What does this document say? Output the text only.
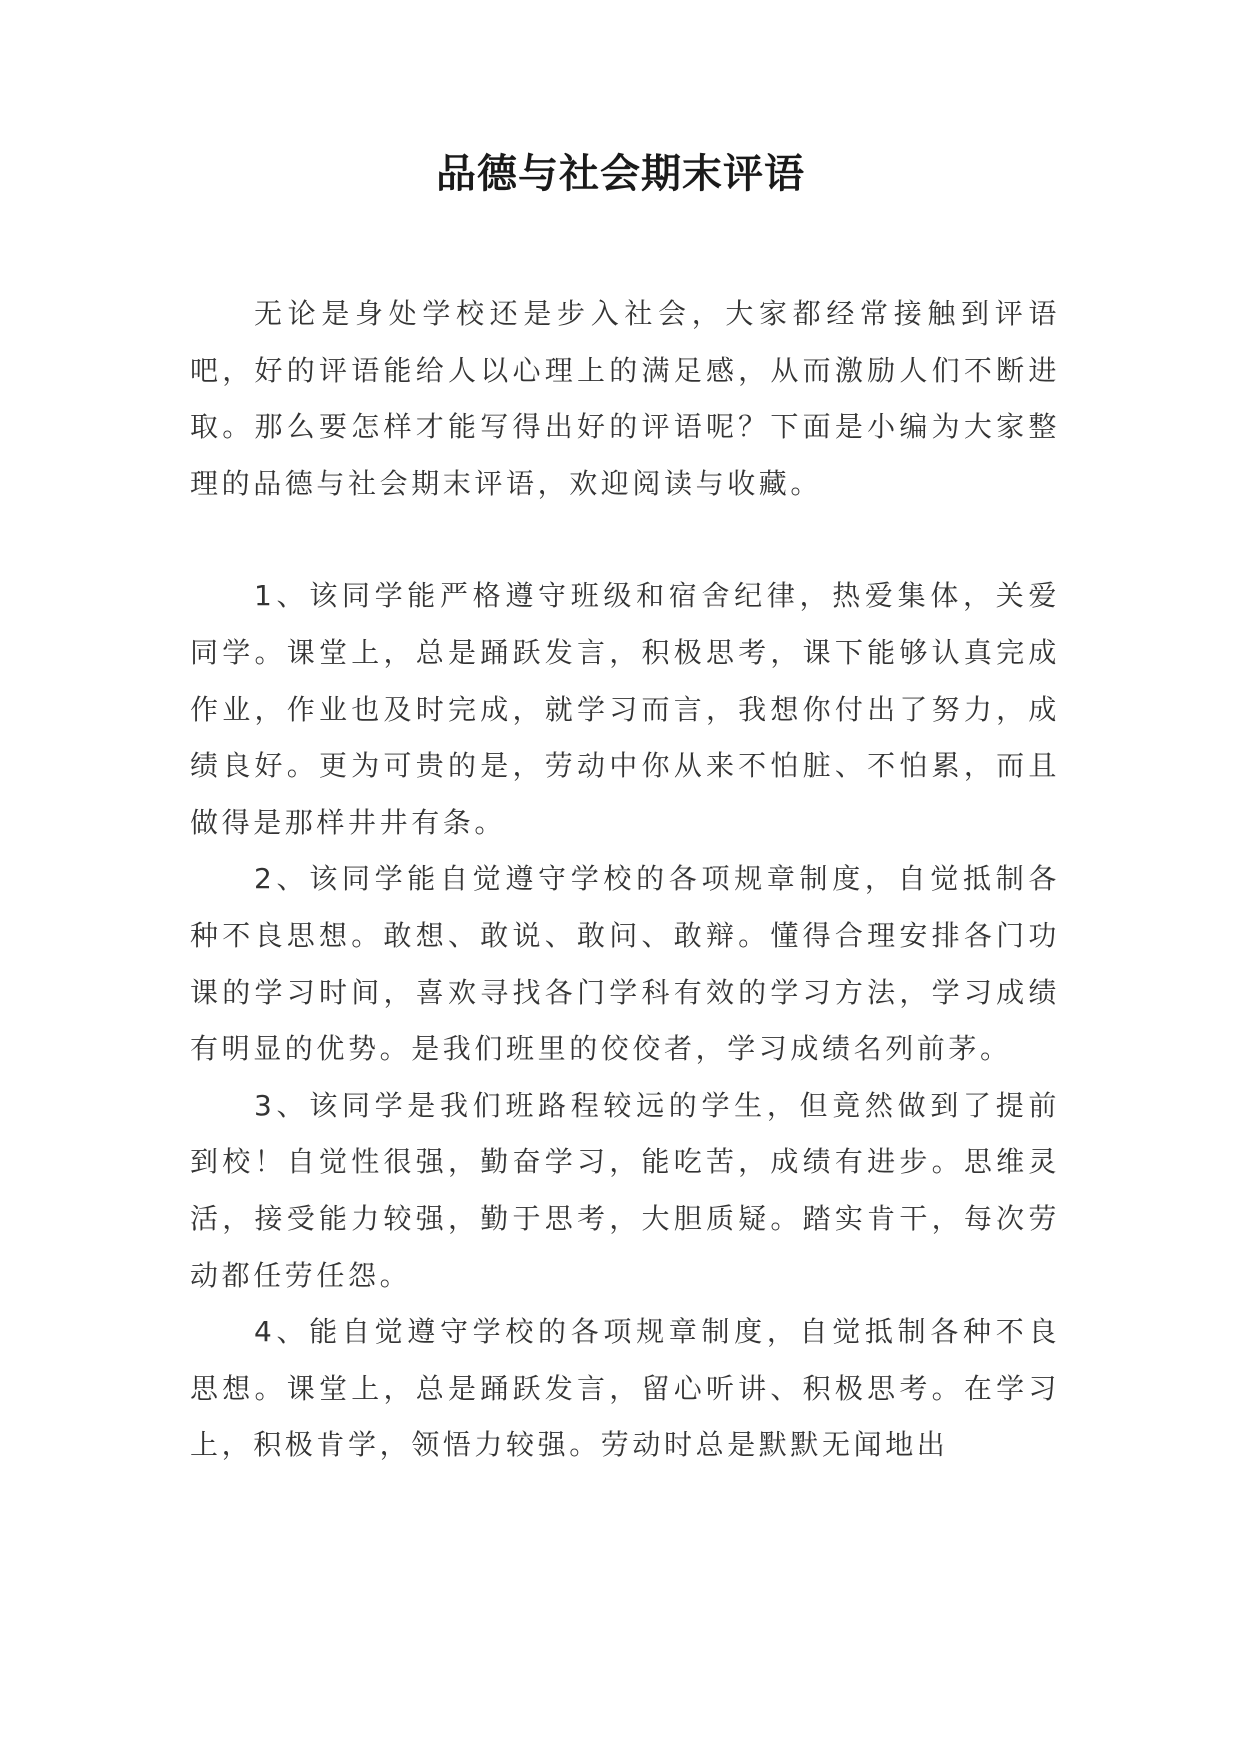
品德与社会期末评语

无论是身处学校还是步入社会，大家都经常接触到评语吧，好的评语能给人以心理上的满足感，从而激励人们不断进取。那么要怎样才能写得出好的评语呢？下面是小编为大家整理的品德与社会期末评语，欢迎阅读与收藏。

1、该同学能严格遵守班级和宿舍纪律，热爱集体，关爱同学。课堂上，总是踊跃发言，积极思考，课下能够认真完成作业，作业也及时完成，就学习而言，我想你付出了努力，成绩良好。更为可贵的是，劳动中你从来不怕脏、不怕累，而且做得是那样井井有条。

2、该同学能自觉遵守学校的各项规章制度，自觉抵制各种不良思想。敢想、敢说、敢问、敢辩。懂得合理安排各门功课的学习时间，喜欢寻找各门学科有效的学习方法，学习成绩有明显的优势。是我们班里的佼佼者，学习成绩名列前茅。

3、该同学是我们班路程较远的学生，但竟然做到了提前到校！自觉性很强，勤奋学习，能吃苦，成绩有进步。思维灵活，接受能力较强，勤于思考，大胆质疑。踏实肯干，每次劳动都任劳任怨。

4、能自觉遵守学校的各项规章制度，自觉抵制各种不良思想。课堂上，总是踊跃发言，留心听讲、积极思考。在学习上，积极肯学，领悟力较强。劳动时总是默默无闻地出
